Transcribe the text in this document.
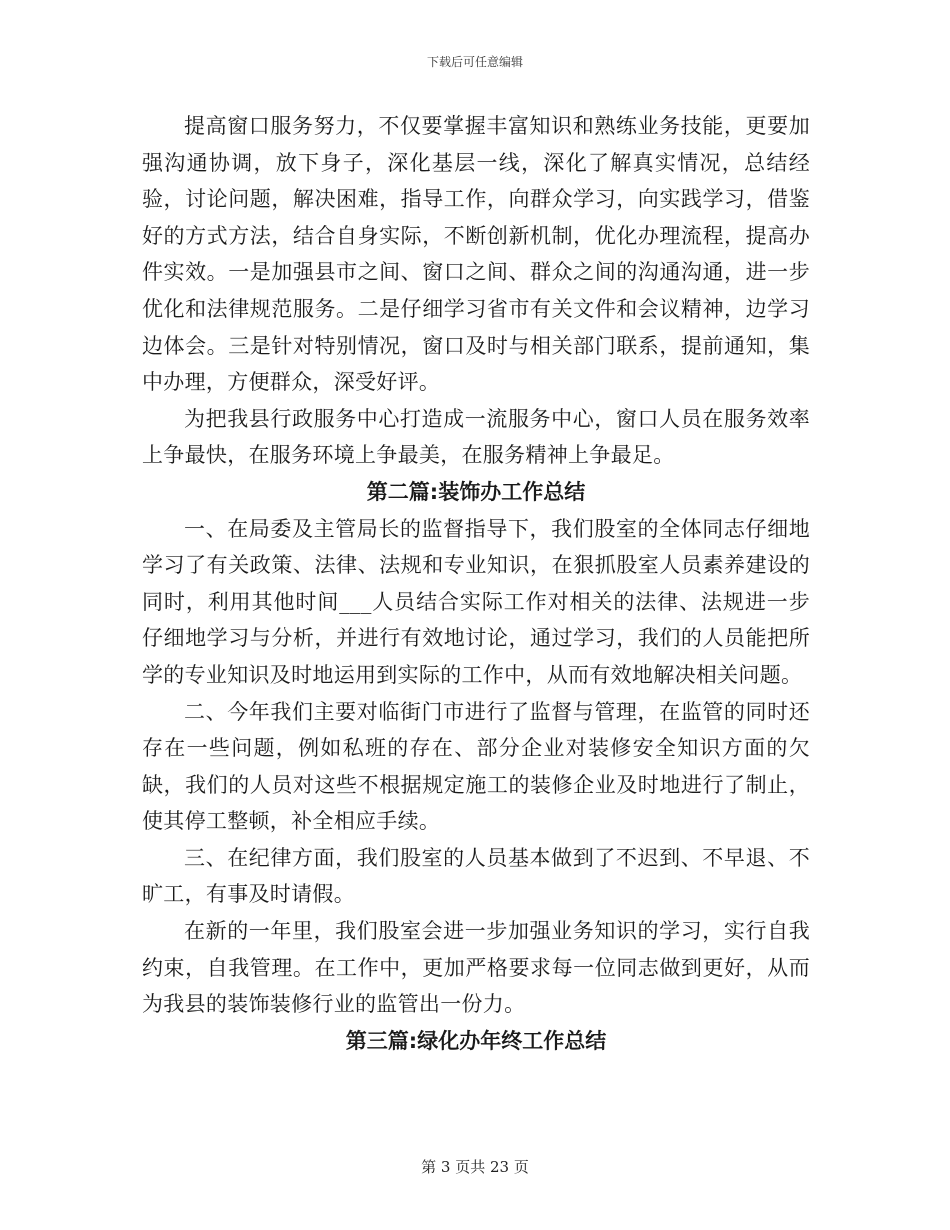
下载后可任意编辑

提高窗口服务努力，不仅要掌握丰富知识和熟练业务技能，更要加强沟通协调，放下身子，深化基层一线，深化了解真实情况，总结经验，讨论问题，解决困难，指导工作，向群众学习，向实践学习，借鉴好的方式方法，结合自身实际，不断创新机制，优化办理流程，提高办件实效。一是加强县市之间、窗口之间、群众之间的沟通沟通，进一步优化和法律规范服务。二是仔细学习省市有关文件和会议精神，边学习边体会。三是针对特别情况，窗口及时与相关部门联系，提前通知，集中办理，方便群众，深受好评。

为把我县行政服务中心打造成一流服务中心，窗口人员在服务效率上争最快，在服务环境上争最美，在服务精神上争最足。

第二篇:装饰办工作总结

一、在局委及主管局长的监督指导下，我们股室的全体同志仔细地学习了有关政策、法律、法规和专业知识，在狠抓股室人员素养建设的同时，利用其他时间___人员结合实际工作对相关的法律、法规进一步仔细地学习与分析，并进行有效地讨论，通过学习，我们的人员能把所学的专业知识及时地运用到实际的工作中，从而有效地解决相关问题。

二、今年我们主要对临街门市进行了监督与管理，在监管的同时还存在一些问题，例如私班的存在、部分企业对装修安全知识方面的欠缺，我们的人员对这些不根据规定施工的装修企业及时地进行了制止，使其停工整顿，补全相应手续。

三、在纪律方面，我们股室的人员基本做到了不迟到、不早退、不旷工，有事及时请假。

在新的一年里，我们股室会进一步加强业务知识的学习，实行自我约束，自我管理。在工作中，更加严格要求每一位同志做到更好，从而为我县的装饰装修行业的监管出一份力。

第三篇:绿化办年终工作总结

第 3 页共 23 页
